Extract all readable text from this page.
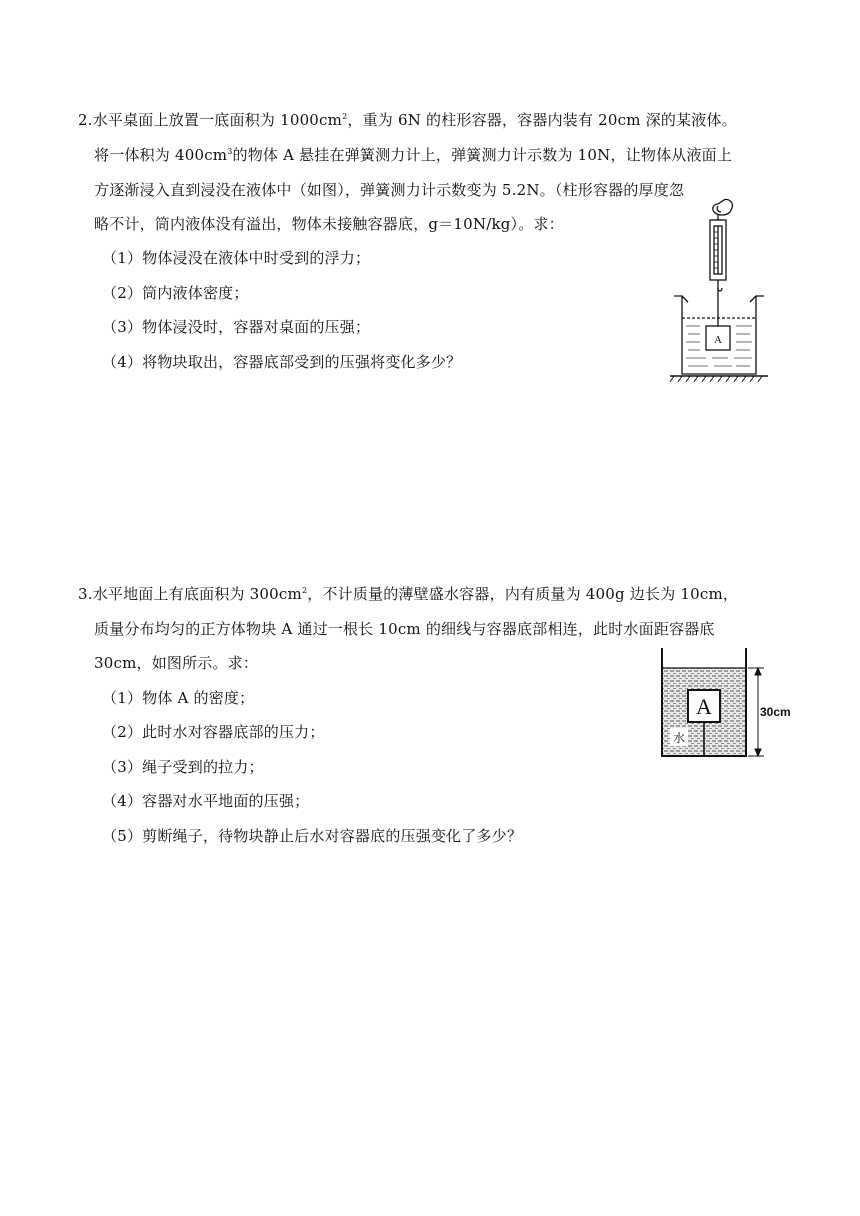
2.水平桌面上放置一底面积为 $1000cm^2$，重为 6N 的柱形容器，容器内装有 20cm 深的某液体。
将一体积为 $400cm^3$的物体 A 悬挂在弹簧测力计上，弹簧测力计示数为 10N，让物体从液面上
方逐渐浸入直到浸没在液体中（如图），弹簧测力计示数变为 5.2N。（柱形容器的厚度忽
略不计，筒内液体没有溢出，物体未接触容器底，g＝10N/kg）。求：
（1）物体浸没在液体中时受到的浮力；
（2）筒内液体密度；
（3）物体浸没时，容器对桌面的压强；
（4）将物块取出，容器底部受到的压强将变化多少？
A
3.水平地面上有底面积为 $300cm^2$，不计质量的薄壁盛水容器，内有质量为 400g 边长为 10cm，
质量分布均匀的正方体物块 A 通过一根长 10cm 的细线与容器底部相连，此时水面距容器底
30cm，如图所示。求：
（1）物体 A 的密度；
（2）此时水对容器底部的压力；
（3）绳子受到的拉力；
（4）容器对水平地面的压强；
（5）剪断绳子，待物块静止后水对容器底的压强变化了多少？
A
水
30cm
